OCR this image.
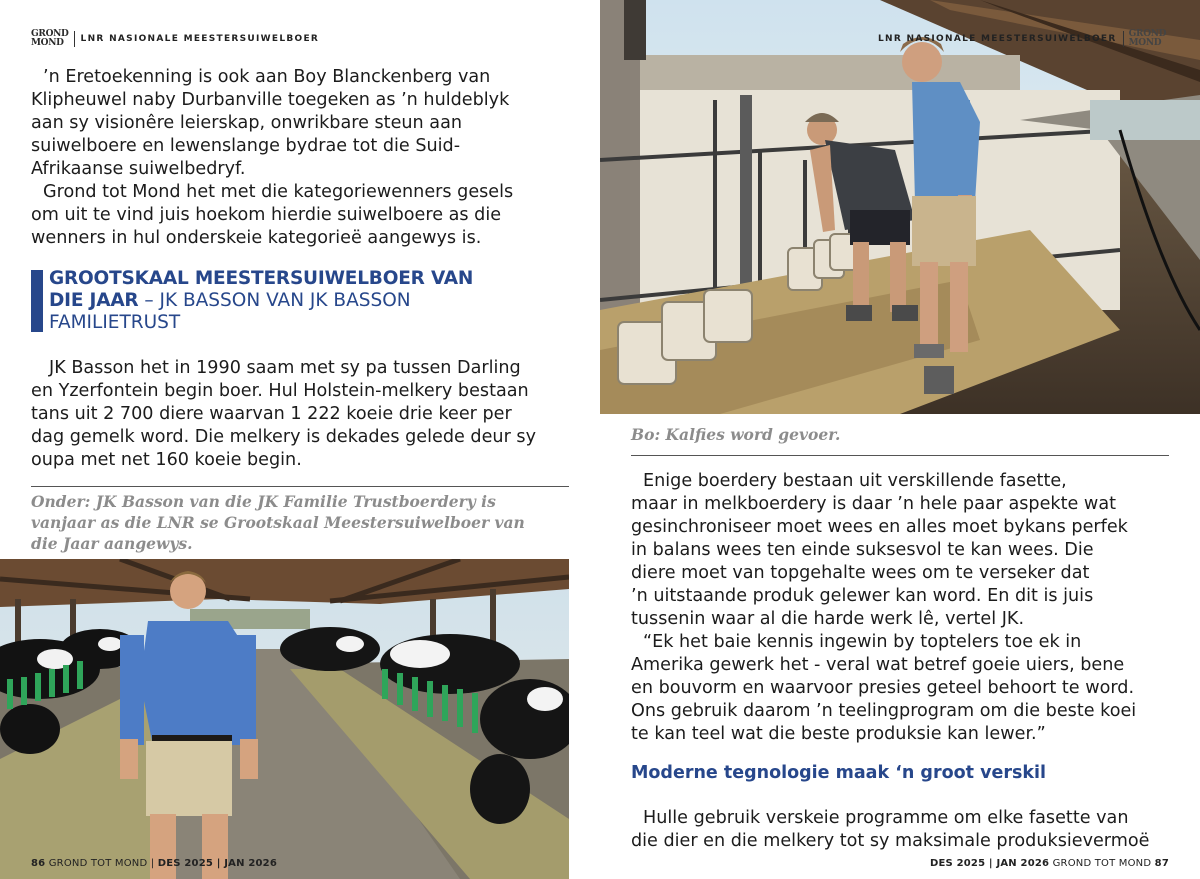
LNR NASIONALE MEESTERSUIWELBOER GROND
MOND
GROND
MOND	LNR NASIONALE MEESTERSUIWELBOER

’n Eretoekenning is ook aan Boy Blanckenberg van

Klipheuwel naby Durbanville toegeken as ’n huldeblyk

aan sy visionêre leierskap, onwrikbare steun aan

suiwelboere en lewenslange bydrae tot die Suid-

Afrikaanse suiwelbedryf.

Grond tot Mond het met die kategoriewenners gesels

om uit te vind juis hoekom hierdie suiwelboere as die

wenners in hul onderskeie kategorieë aangewys is.

GROOTSKAAL MEESTERSUIWELBOER VAN
DIE JAAR – JK BASSON VAN JK BASSON
FAMILIETRUST

JK Basson het in 1990 saam met sy pa tussen Darling

en Yzerfontein begin boer. Hul Holstein-melkery bestaan

tans uit 2 700 diere waarvan 1 222 koeie drie keer per

dag gemelk word. Die melkery is dekades gelede deur sy

oupa met net 160 koeie begin.

Onder: JK Basson van die JK Familie Trustboerdery is
vanjaar as die LNR se Grootskaal Meestersuiwelboer van
die Jaar aangewys.
86 GROND TOT MOND | DES 2025 | JAN 2026
Bo: Kalfies word gevoer.

Enige boerdery bestaan uit verskillende fasette,

maar in melkboerdery is daar ’n hele paar aspekte wat

gesinchroniseer moet wees en alles moet bykans perfek

in balans wees ten einde suksesvol te kan wees. Die

diere moet van topgehalte wees om te verseker dat

’n uitstaande produk gelewer kan word. En dit is juis

tussenin waar al die harde werk lê, vertel JK.

“Ek het baie kennis ingewin by toptelers toe ek in

Amerika gewerk het - veral wat betref goeie uiers, bene

en bouvorm en waarvoor presies geteel behoort te word.

Ons gebruik daarom ’n teelingprogram om die beste koei

te kan teel wat die beste produksie kan lewer.”

Moderne tegnologie maak ‘n groot verskil

Hulle gebruik verskeie programme om elke fasette van

die dier en die melkery tot sy maksimale produksievermoë

DES 2025 | JAN 2026 GROND TOT MOND 87
